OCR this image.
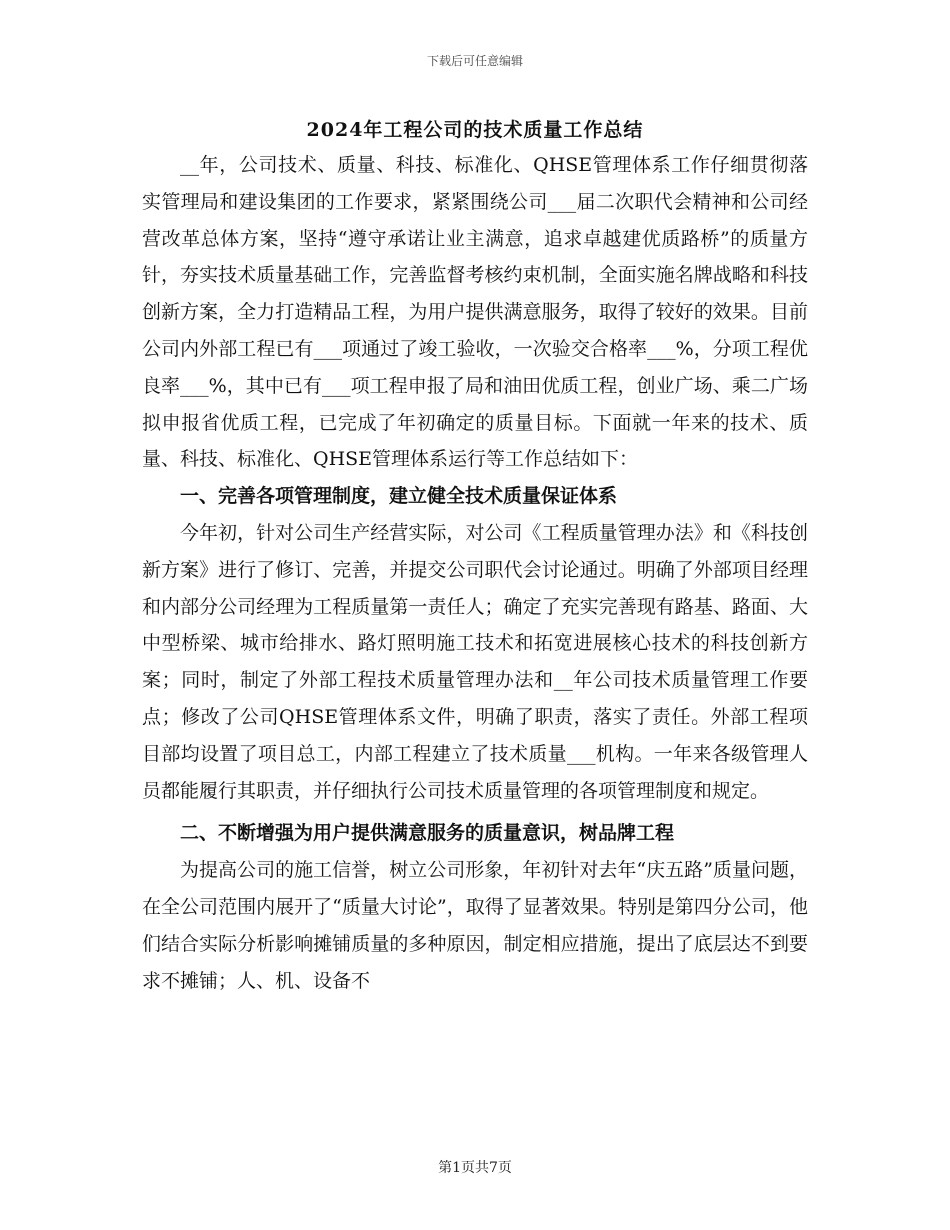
下载后可任意编辑
2024年工程公司的技术质量工作总结

__年，公司技术、质量、科技、标准化、QHSE管理体系工作仔细贯彻落实管理局和建设集团的工作要求，紧紧围绕公司___届二次职代会精神和公司经营改革总体方案，坚持“遵守承诺让业主满意，追求卓越建优质路桥”的质量方针，夯实技术质量基础工作，完善监督考核约束机制，全面实施名牌战略和科技创新方案，全力打造精品工程，为用户提供满意服务，取得了较好的效果。目前公司内外部工程已有___项通过了竣工验收，一次验交合格率___%，分项工程优良率___%，其中已有___项工程申报了局和油田优质工程，创业广场、乘二广场拟申报省优质工程，已完成了年初确定的质量目标。下面就一年来的技术、质量、科技、标准化、QHSE管理体系运行等工作总结如下：

一、完善各项管理制度，建立健全技术质量保证体系

今年初，针对公司生产经营实际，对公司《工程质量管理办法》和《科技创新方案》进行了修订、完善，并提交公司职代会讨论通过。明确了外部项目经理和内部分公司经理为工程质量第一责任人；确定了充实完善现有路基、路面、大中型桥梁、城市给排水、路灯照明施工技术和拓宽进展核心技术的科技创新方案；同时，制定了外部工程技术质量管理办法和__年公司技术质量管理工作要点；修改了公司QHSE管理体系文件，明确了职责，落实了责任。外部工程项目部均设置了项目总工，内部工程建立了技术质量___机构。一年来各级管理人员都能履行其职责，并仔细执行公司技术质量管理的各项管理制度和规定。

二、不断增强为用户提供满意服务的质量意识，树品牌工程

为提高公司的施工信誉，树立公司形象，年初针对去年“庆五路”质量问题，在全公司范围内展开了“质量大讨论”，取得了显著效果。特别是第四分公司，他们结合实际分析影响摊铺质量的多种原因，制定相应措施，提出了底层达不到要求不摊铺；人、机、设备不

第1页共7页
